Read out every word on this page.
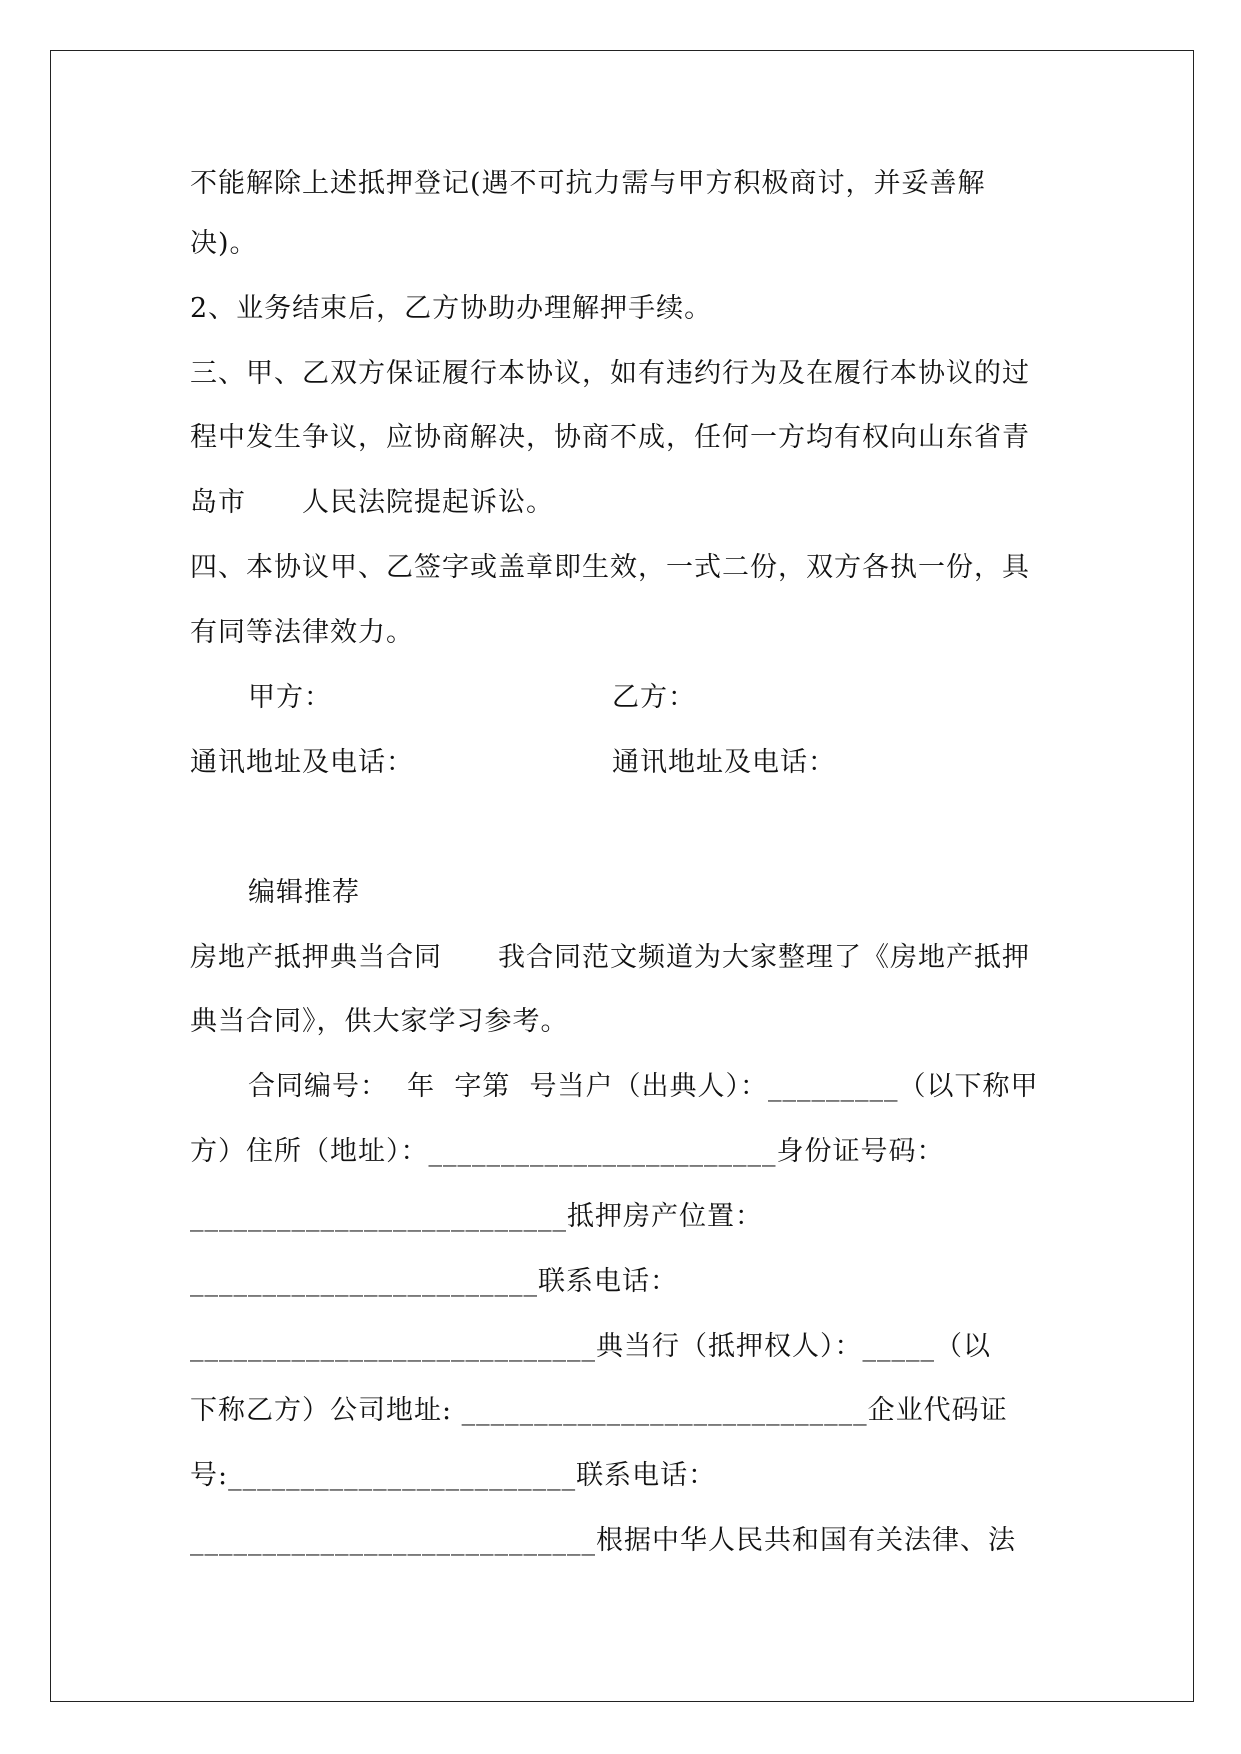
不能解除上述抵押登记(遇不可抗力需与甲方积极商讨，并妥善解
决)。
2、业务结束后，乙方协助办理解押手续。
三、甲、乙双方保证履行本协议，如有违约行为及在履行本协议的过
程中发生争议，应协商解决，协商不成，任何一方均有权向山东省青
岛市　　人民法院提起诉讼。
四、本协议甲、乙签字或盖章即生效，一式二份，双方各执一份，具
有同等法律效力。
甲方：	乙方：
通讯地址及电话：	通讯地址及电话：
编辑推荐
房地产抵押典当合同　　我合同范文频道为大家整理了《房地产抵押
典当合同》，供大家学习参考。
合同编号：  年  字第  号当户（出典人）：_________（以下称甲
方）住所（地址）：________________________身份证号码：
__________________________抵押房产位置：
________________________联系电话：
____________________________典当行（抵押权人）：_____（以
下称乙方）公司地址: ____________________________企业代码证
号:________________________联系电话：
____________________________根据中华人民共和国有关法律、法
